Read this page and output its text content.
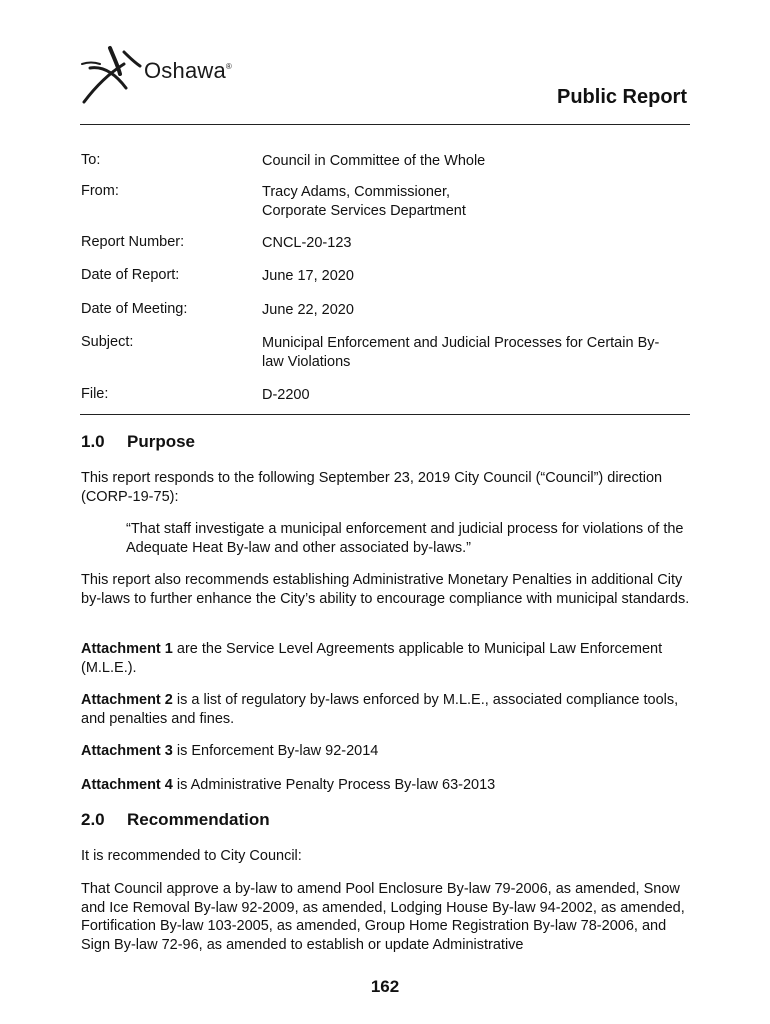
Oshawa®
Public Report
To:	Council in Committee of the Whole
From:	Tracy Adams, Commissioner,
Corporate Services Department
Report Number:	CNCL-20-123
Date of Report:	June 17, 2020
Date of Meeting:	June 22, 2020
Subject:	Municipal Enforcement and Judicial Processes for Certain By-law Violations
File:	D-2200
1.0 Purpose
This report responds to the following September 23, 2019 City Council (“Council”) direction (CORP-19-75):
“That staff investigate a municipal enforcement and judicial process for violations of the Adequate Heat By-law and other associated by-laws.”
This report also recommends establishing Administrative Monetary Penalties in additional City by-laws to further enhance the City’s ability to encourage compliance with municipal standards.
Attachment 1 are the Service Level Agreements applicable to Municipal Law Enforcement (M.L.E.).
Attachment 2 is a list of regulatory by-laws enforced by M.L.E., associated compliance tools, and penalties and fines.
Attachment 3 is Enforcement By-law 92-2014
Attachment 4 is Administrative Penalty Process By-law 63-2013
2.0 Recommendation
It is recommended to City Council:
That Council approve a by-law to amend Pool Enclosure By-law 79-2006, as amended, Snow and Ice Removal By-law 92-2009, as amended, Lodging House By-law 94-2002, as amended, Fortification By-law 103-2005, as amended, Group Home Registration By-law 78-2006, and Sign By-law 72-96, as amended to establish or update Administrative
162
